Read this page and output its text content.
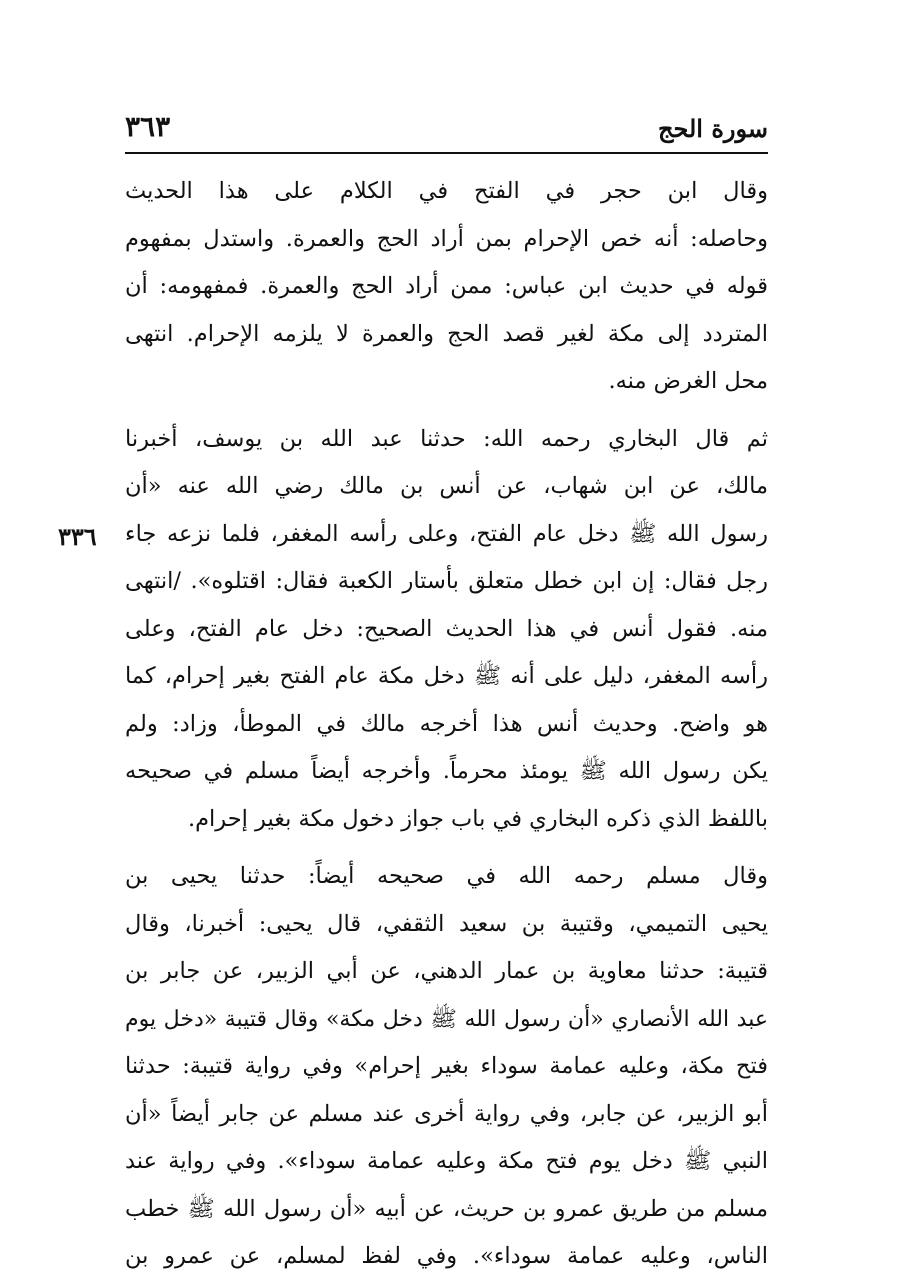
سورة الحج
٣٦٣
٣٣٦

وقال ابن حجر في الفتح في الكلام على هذا الحديث
وحاصله: أنه خص الإحرام بمن أراد الحج والعمرة. واستدل بمفهوم
قوله في حديث ابن عباس: ممن أراد الحج والعمرة. فمفهومه: أن
المتردد إلى مكة لغير قصد الحج والعمرة لا يلزمه الإحرام. انتهى
محل الغرض منه.

ثم قال البخاري رحمه الله: حدثنا عبد الله بن يوسف، أخبرنا
مالك، عن ابن شهاب، عن أنس بن مالك رضي الله عنه «أن
رسول الله ﷺ دخل عام الفتح، وعلى رأسه المغفر، فلما نزعه جاء
رجل فقال: إن ابن خطل متعلق بأستار الكعبة فقال: اقتلوه». /انتهى
منه. فقول أنس في هذا الحديث الصحيح: دخل عام الفتح، وعلى
رأسه المغفر، دليل على أنه ﷺ دخل مكة عام الفتح بغير إحرام، كما
هو واضح. وحديث أنس هذا أخرجه مالك في الموطأ، وزاد: ولم
يكن رسول الله ﷺ يومئذ محرماً. وأخرجه أيضاً مسلم في صحيحه
باللفظ الذي ذكره البخاري في باب جواز دخول مكة بغير إحرام.

وقال مسلم رحمه الله في صحيحه أيضاً: حدثنا يحيى بن
يحيى التميمي، وقتيبة بن سعيد الثقفي، قال يحيى: أخبرنا، وقال
قتيبة: حدثنا معاوية بن عمار الدهني، عن أبي الزبير، عن جابر بن
عبد الله الأنصاري «أن رسول الله ﷺ دخل مكة» وقال قتيبة «دخل يوم
فتح مكة، وعليه عمامة سوداء بغير إحرام» وفي رواية قتيبة: حدثنا
أبو الزبير، عن جابر، وفي رواية أخرى عند مسلم عن جابر أيضاً «أن
النبي ﷺ دخل يوم فتح مكة وعليه عمامة سوداء». وفي رواية عند
مسلم من طريق عمرو بن حريث، عن أبيه «أن رسول الله ﷺ خطب
الناس، وعليه عمامة سوداء». وفي لفظ لمسلم، عن عمرو بن
